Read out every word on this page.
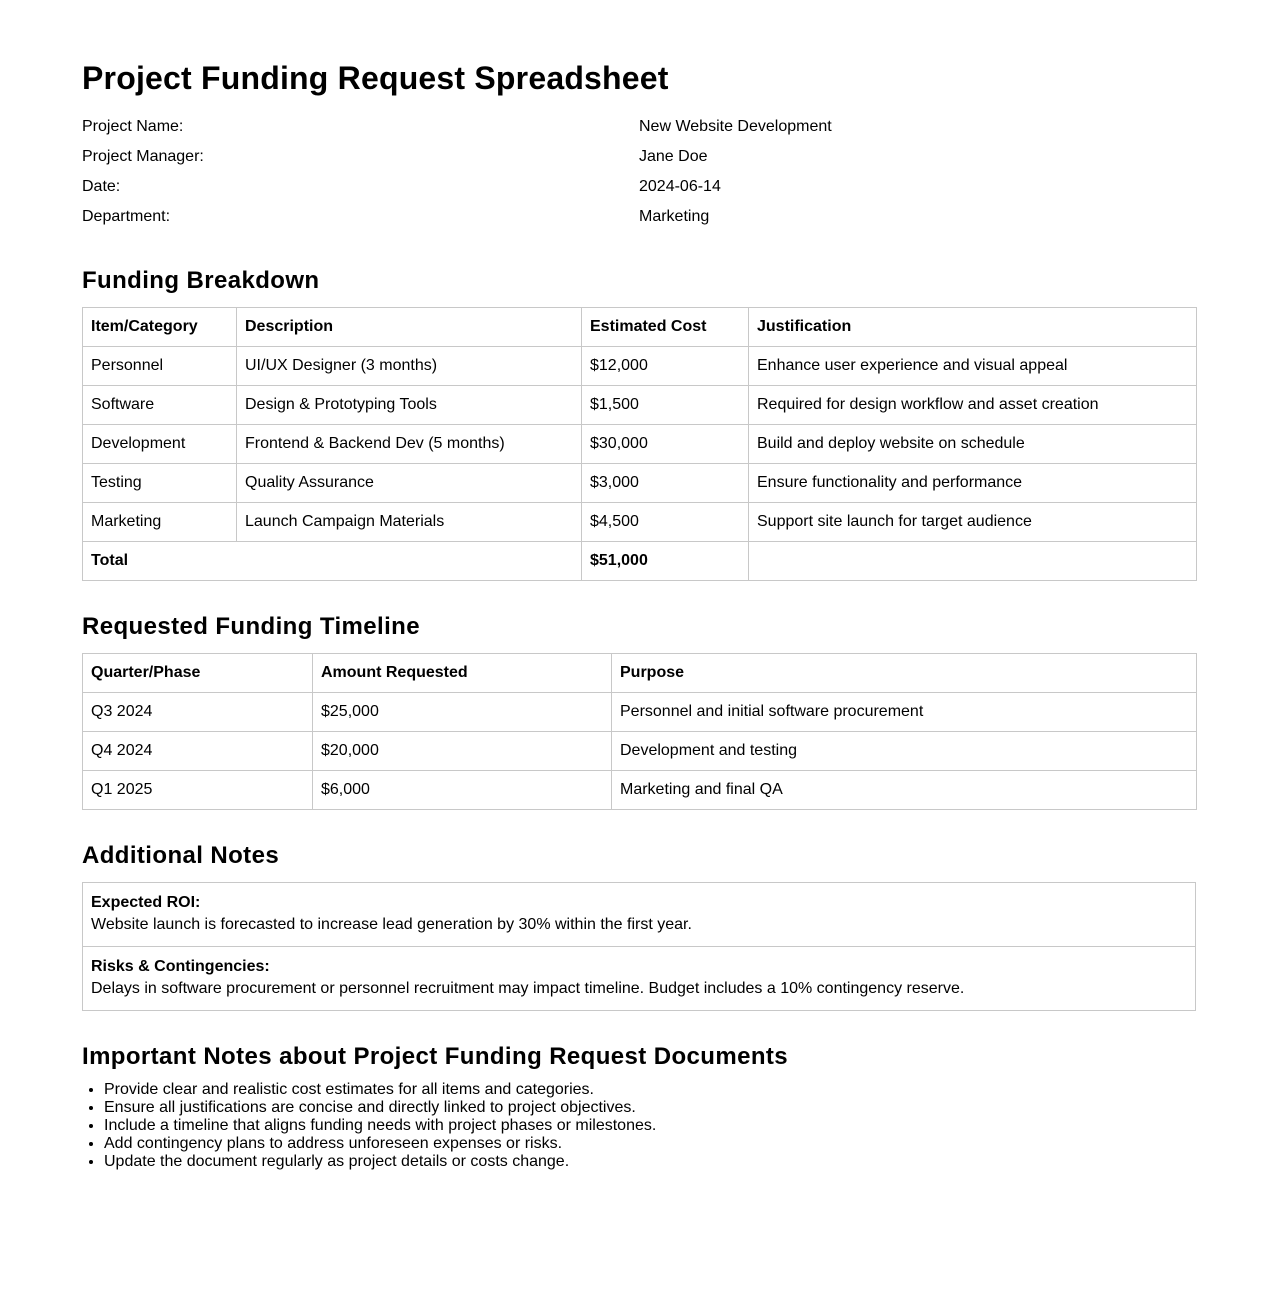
Project Funding Request Spreadsheet
Project Name:	New Website Development
Project Manager:	Jane Doe
Date:	2024-06-14
Department:	Marketing
Funding Breakdown
Item/Category	Description	Estimated Cost	Justification
Personnel	UI/UX Designer (3 months)	$12,000	Enhance user experience and visual appeal
Software	Design & Prototyping Tools	$1,500	Required for design workflow and asset creation
Development	Frontend & Backend Dev (5 months)	$30,000	Build and deploy website on schedule
Testing	Quality Assurance	$3,000	Ensure functionality and performance
Marketing	Launch Campaign Materials	$4,500	Support site launch for target audience
Total		$51,000	
Requested Funding Timeline
Quarter/Phase	Amount Requested	Purpose
Q3 2024	$25,000	Personnel and initial software procurement
Q4 2024	$20,000	Development and testing
Q1 2025	$6,000	Marketing and final QA
Additional Notes
Expected ROI:
Website launch is forecasted to increase lead generation by 30% within the first year.
Risks & Contingencies:
Delays in software procurement or personnel recruitment may impact timeline. Budget includes a 10% contingency reserve.
Important Notes about Project Funding Request Documents
• Provide clear and realistic cost estimates for all items and categories.
• Ensure all justifications are concise and directly linked to project objectives.
• Include a timeline that aligns funding needs with project phases or milestones.
• Add contingency plans to address unforeseen expenses or risks.
• Update the document regularly as project details or costs change.
